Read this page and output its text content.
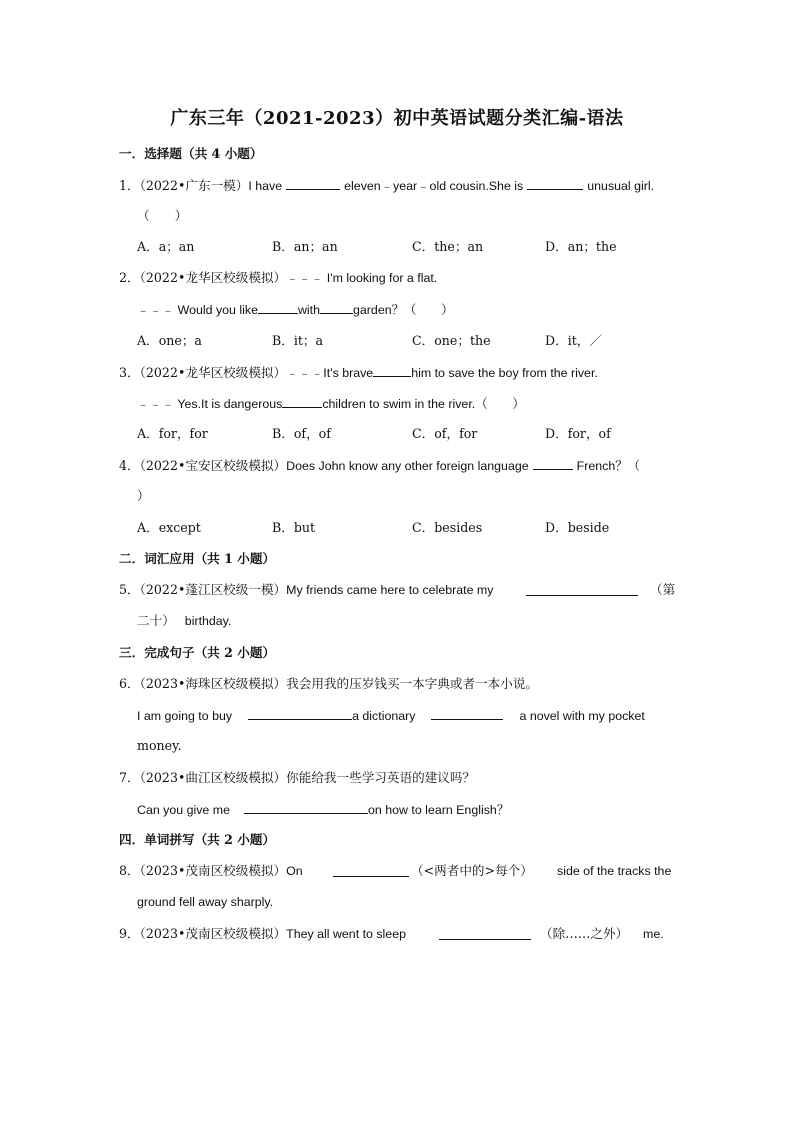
广东三年（2021-2023）初中英语试题分类汇编-语法
一．选择题（共 4 小题）
1．（2022•广东一模）I have	eleven﹣year﹣old cousin.She is	unusual girl.
（　　）
A．a；an	B．an；an	C．the；an	D．an；the
2．（2022•龙华区校级模拟）﹣﹣﹣ I'm looking for a flat.
﹣﹣﹣ Would you like	with	garden？（　　）
A．one；a	B．it；a	C．one；the	D．it，／
3．（2022•龙华区校级模拟）﹣﹣﹣It's brave	him to save the boy from the river.
﹣﹣﹣ Yes.It is dangerous	children to swim in the river.（　　）
A．for，for	B．of，of	C．of，for	D．for，of
4．（2022•宝安区校级模拟）Does John know any other foreign language	French？（
）
A．except	B．but	C．besides	D．beside
二．词汇应用（共 1 小题）
5．（2022•蓬江区校级一模）My friends came here to celebrate my	（第
二十） birthday.
三．完成句子（共 2 小题）
6．（2023•海珠区校级模拟）我会用我的压岁钱买一本字典或者一本小说。
I am going to buy	a dictionary	a novel with my pocket
money.
7．（2023•曲江区校级模拟）你能给我一些学习英语的建议吗？
Can you give me	on how to learn English？
四．单词拼写（共 2 小题）
8．（2023•茂南区校级模拟）On	（<两者中的>每个） side of the tracks the
ground fell away sharply.
9．（2023•茂南区校级模拟）They all went to sleep	（除……之外） me.
